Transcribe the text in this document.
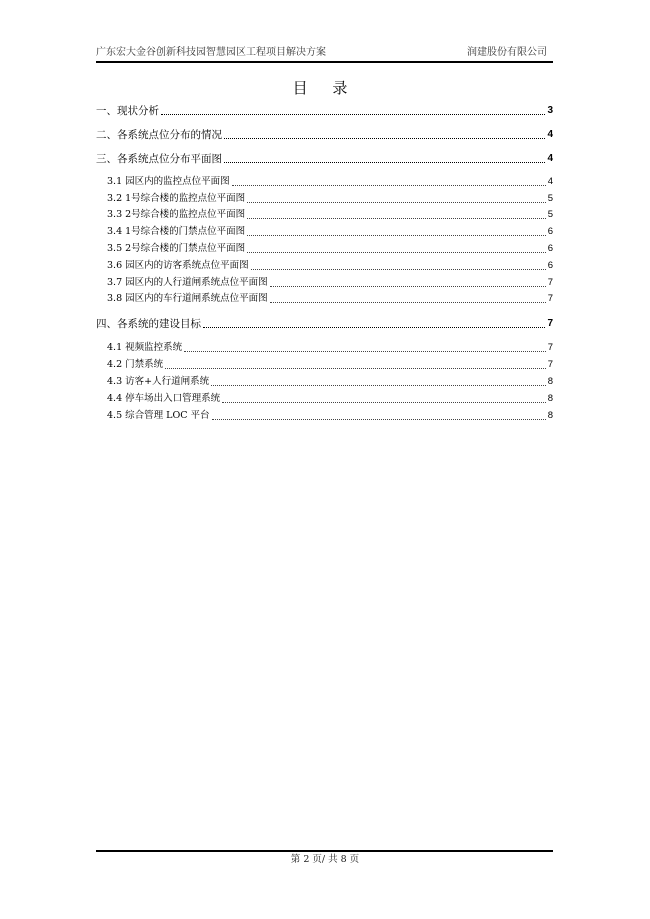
广东宏大金谷创新科技园智慧园区工程项目解决方案	润建股份有限公司
目 录
一、现状分析	3
二、各系统点位分布的情况	4
三、各系统点位分布平面图	4
3.1 园区内的监控点位平面图	4
3.2 1号综合楼的监控点位平面图	5
3.3 2号综合楼的监控点位平面图	5
3.4 1号综合楼的门禁点位平面图	6
3.5 2号综合楼的门禁点位平面图	6
3.6 园区内的访客系统点位平面图	6
3.7 园区内的人行道闸系统点位平面图	7
3.8 园区内的车行道闸系统点位平面图	7
四、各系统的建设目标	7
4.1 视频监控系统	7
4.2 门禁系统	7
4.3 访客+人行道闸系统	8
4.4 停车场出入口管理系统	8
4.5 综合管理 LOC 平台	8
第 2 页/ 共 8 页
